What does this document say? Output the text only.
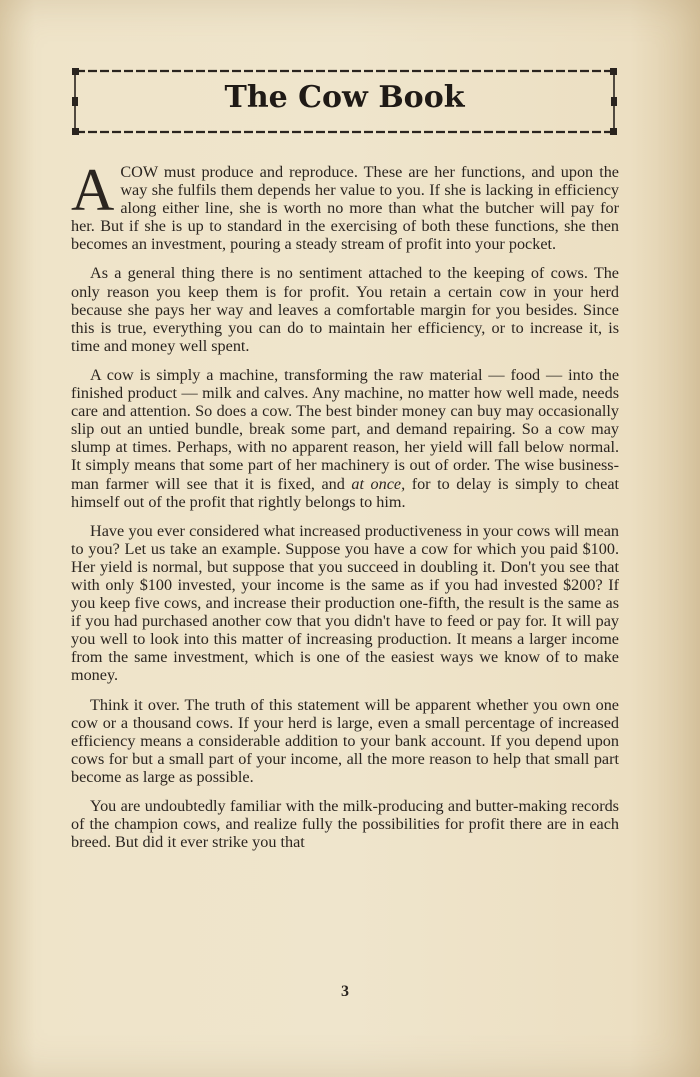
The Cow Book

ACOW must produce and reproduce. These are her functions, and upon the way she fulfils them depends her value to you. If she is lacking in efficiency along either line, she is worth no more than what the butcher will pay for her. But if she is up to standard in the exercising of both these functions, she then becomes an investment, pouring a steady stream of profit into your pocket.

As a general thing there is no sentiment attached to the keeping of cows. The only reason you keep them is for profit. You retain a certain cow in your herd because she pays her way and leaves a comfortable margin for you besides. Since this is true, everything you can do to maintain her efficiency, or to increase it, is time and money well spent.

A cow is simply a machine, transforming the raw material — food — into the finished product — milk and calves. Any machine, no matter how well made, needs care and attention. So does a cow. The best binder money can buy may occasionally slip out an untied bundle, break some part, and demand repairing. So a cow may slump at times. Perhaps, with no apparent reason, her yield will fall below normal. It simply means that some part of her machinery is out of order. The wise business-man farmer will see that it is fixed, and at once, for to delay is simply to cheat himself out of the profit that rightly belongs to him.

Have you ever considered what increased productiveness in your cows will mean to you? Let us take an example. Suppose you have a cow for which you paid $100. Her yield is normal, but suppose that you succeed in doubling it. Don't you see that with only $100 invested, your income is the same as if you had invested $200? If you keep five cows, and increase their production one-fifth, the result is the same as if you had purchased another cow that you didn't have to feed or pay for. It will pay you well to look into this matter of increasing production. It means a larger income from the same investment, which is one of the easiest ways we know of to make money.

Think it over. The truth of this statement will be apparent whether you own one cow or a thousand cows. If your herd is large, even a small percentage of increased efficiency means a considerable addition to your bank account. If you depend upon cows for but a small part of your income, all the more reason to help that small part become as large as possible.

You are undoubtedly familiar with the milk-producing and butter-making records of the champion cows, and realize fully the possibilities for profit there are in each breed. But did it ever strike you that

3
